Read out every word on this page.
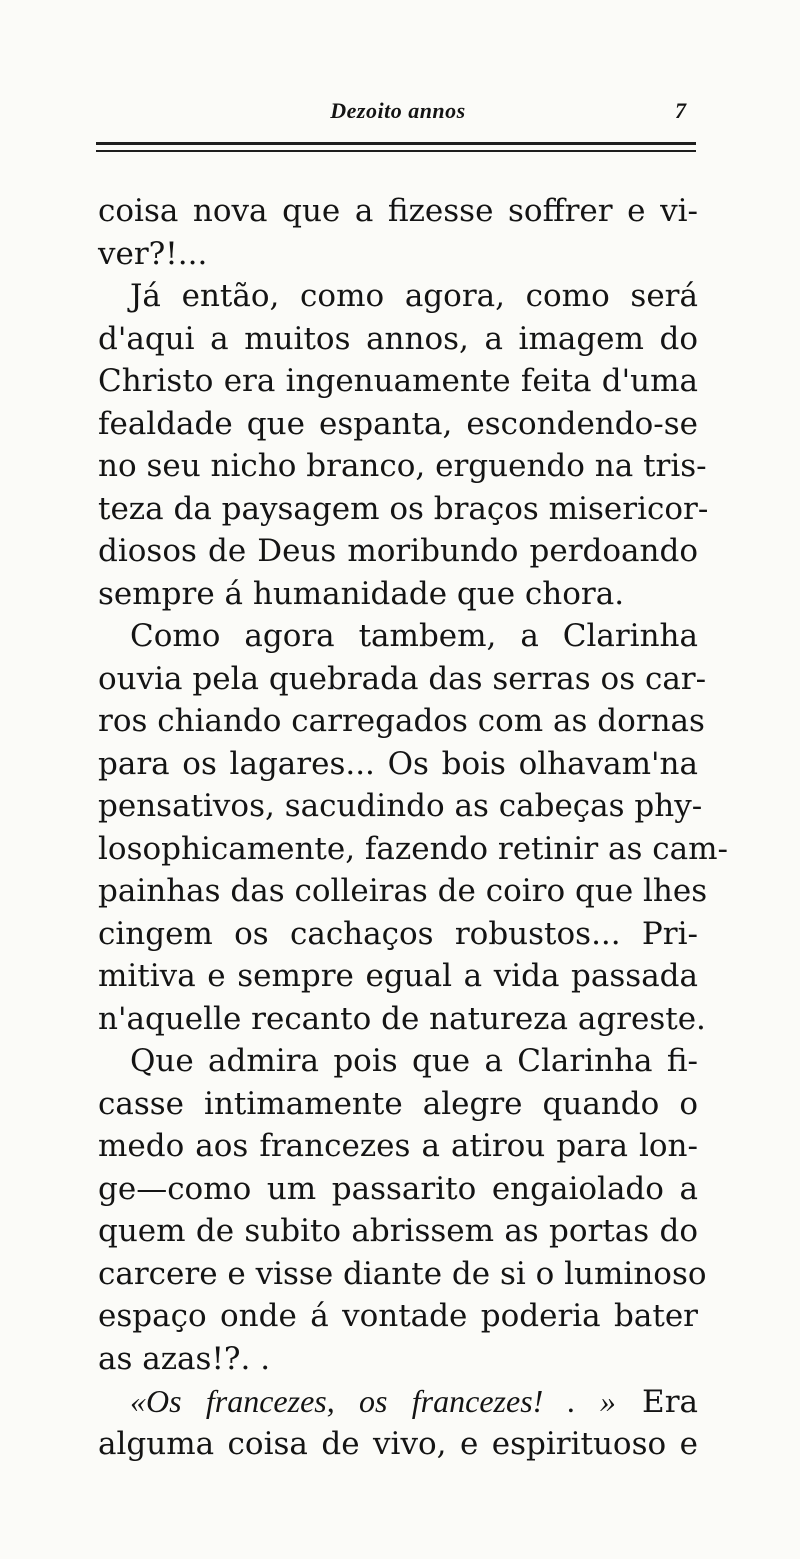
Dezoito annos	7
coisa nova que a fizesse soffrer e vi-
ver?!...
Já então, como agora, como será
d'aqui a muitos annos, a imagem do
Christo era ingenuamente feita d'uma
fealdade que espanta, escondendo-se
no seu nicho branco, erguendo na tris-
teza da paysagem os braços misericor-
diosos de Deus moribundo perdoando
sempre á humanidade que chora.
Como agora tambem, a Clarinha
ouvia pela quebrada das serras os car-
ros chiando carregados com as dornas
para os lagares... Os bois olhavam'na
pensativos, sacudindo as cabeças phy-
losophicamente, fazendo retinir as cam-
painhas das colleiras de coiro que lhes
cingem os cachaços robustos... Pri-
mitiva e sempre egual a vida passada
n'aquelle recanto de natureza agreste.
Que admira pois que a Clarinha fi-
casse intimamente alegre quando o
medo aos francezes a atirou para lon-
ge—como um passarito engaiolado a
quem de subito abrissem as portas do
carcere e visse diante de si o luminoso
espaço onde á vontade poderia bater
as azas!?. .
«Os francezes, os francezes! . » Era
alguma coisa de vivo, e espirituoso e
